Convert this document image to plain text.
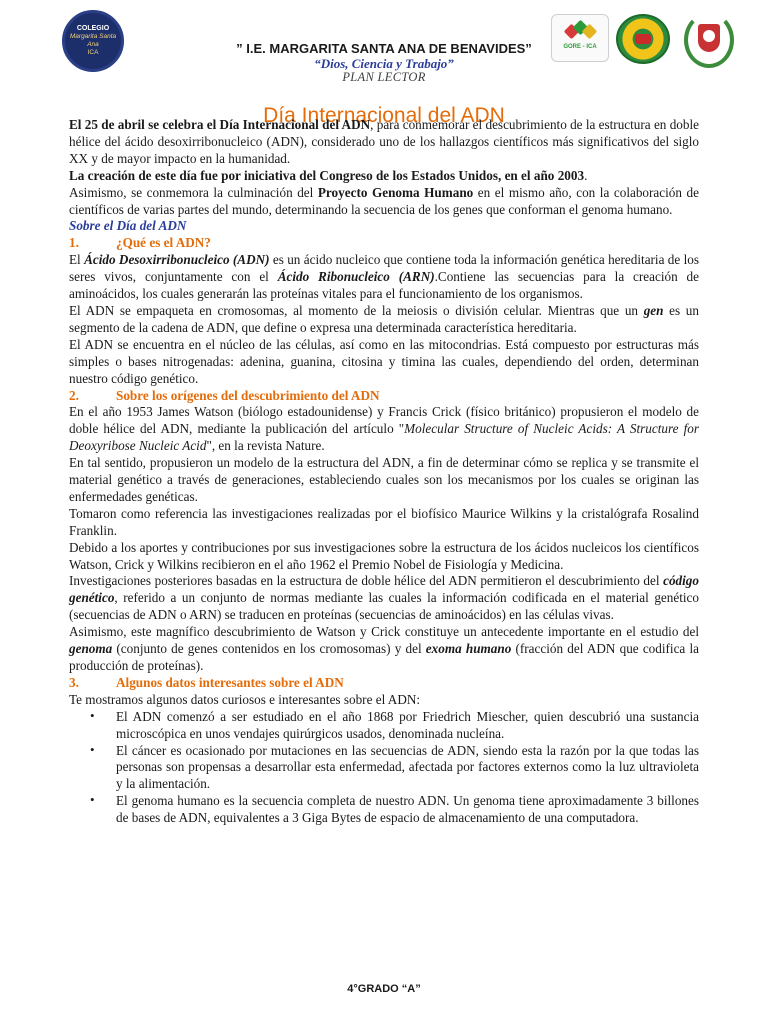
COLEGIO
Margarita Santa Ana
ICA
GORE - ICA
” I.E. MARGARITA SANTA ANA DE BENAVIDES”
“Dios, Ciencia y Trabajo”
PLAN LECTOR
Día Internacional del ADN

El 25 de abril se celebra el Día Internacional del ADN, para conmemorar el descubrimiento de la estructura en doble hélice del ácido desoxirribonucleico (ADN), considerado uno de los hallazgos científicos más significativos del siglo XX y de mayor impacto en la humanidad.

La creación de este día fue por iniciativa del Congreso de los Estados Unidos, en el año 2003.

Asimismo, se conmemora la culminación del Proyecto Genoma Humano en el mismo año, con la colaboración de científicos de varias partes del mundo, determinando la secuencia de los genes que conforman el genoma humano.

Sobre el Día del ADN

1.	¿Qué es el ADN?

El Ácido Desoxirribonucleico (ADN) es un ácido nucleico que contiene toda la información genética hereditaria de los seres vivos, conjuntamente con el Ácido Ribonucleico (ARN).Contiene las secuencias para la creación de aminoácidos, los cuales generarán las proteínas vitales para el funcionamiento de los organismos.

El ADN se empaqueta en cromosomas, al momento de la meiosis o división celular. Mientras que un gen es un segmento de la cadena de ADN, que define o expresa una determinada característica hereditaria.

El ADN se encuentra en el núcleo de las células, así como en las mitocondrias. Está compuesto por estructuras más simples o bases nitrogenadas: adenina, guanina, citosina y timina las cuales, dependiendo del orden, determinan nuestro código genético.

2.	Sobre los orígenes del descubrimiento del ADN

En el año 1953 James Watson (biólogo estadounidense) y Francis Crick (físico británico) propusieron el modelo de doble hélice del ADN, mediante la publicación del artículo "Molecular Structure of Nucleic Acids: A Structure for Deoxyribose Nucleic Acid", en la revista Nature.

En tal sentido, propusieron un modelo de la estructura del ADN, a fin de determinar cómo se replica y se transmite el material genético a través de generaciones, estableciendo cuales son los mecanismos por los cuales se originan las enfermedades genéticas.

Tomaron como referencia las investigaciones realizadas por el biofísico Maurice Wilkins y la cristalógrafa Rosalind Franklin.

Debido a los aportes y contribuciones por sus investigaciones sobre la estructura de los ácidos nucleicos los científicos Watson, Crick y Wilkins recibieron en el año 1962 el Premio Nobel de Fisiología y Medicina.

Investigaciones posteriores basadas en la estructura de doble hélice del ADN permitieron el descubrimiento del código genético, referido a un conjunto de normas mediante las cuales la información codificada en el material genético (secuencias de ADN o ARN) se traducen en proteínas (secuencias de aminoácidos) en las células vivas.

Asimismo, este magnífico descubrimiento de Watson y Crick constituye un antecedente importante en el estudio del genoma (conjunto de genes contenidos en los cromosomas) y del exoma humano (fracción del ADN que codifica la producción de proteínas).

3.	Algunos datos interesantes sobre el ADN

Te mostramos algunos datos curiosos e interesantes sobre el ADN:

• El ADN comenzó a ser estudiado en el año 1868 por Friedrich Miescher, quien descubrió una sustancia microscópica en unos vendajes quirúrgicos usados, denominada nucleína.
• El cáncer es ocasionado por mutaciones en las secuencias de ADN, siendo esta la razón por la que todas las personas son propensas a desarrollar esta enfermedad, afectada por factores externos como la luz ultravioleta y la alimentación.
• El genoma humano es la secuencia completa de nuestro ADN. Un genoma tiene aproximadamente 3 billones de bases de ADN, equivalentes a 3 Giga Bytes de espacio de almacenamiento de una computadora.
4°GRADO “A”
